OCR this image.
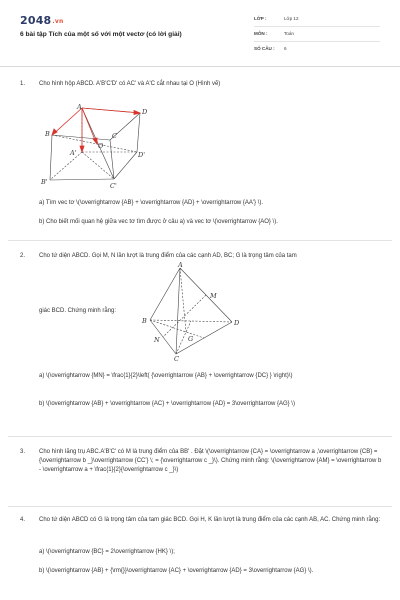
2048.vn
6 bài tập Tích của một số với một vectơ (có lời giải)
LỚP :	Lớp 12
MÔN :	Toán
SỐ CÂU : 6
1. Cho hình hộp ABCD. A'B'C'D' có AC' và A'C cắt nhau tại O (Hình vẽ)
A
D
B	C
A'
O
D'
B'	C'
a) Tìm vec tơ \(\overrightarrow {AB} + \overrightarrow {AD} + \overrightarrow {AA'} \).
b) Cho biết mối quan hệ giữa vec tơ tìm được ở câu a) và vec tơ \(\overrightarrow {AO} \).
2. Cho tứ diện ABCD. Gọi M, N lần lượt là trung điểm của các cạnh AD, BC; G là trọng tâm của tam
giác BCD. Chứng minh rằng:
A
M
B	D
G
N
C
a) \(\overrightarrow {MN} = \frac{1}{2}\left( {\overrightarrow {AB} + \overrightarrow {DC} } \right)\)
b) \(\overrightarrow {AB} + \overrightarrow {AC} + \overrightarrow {AD} = 3\overrightarrow {AG} \)
3. Cho hình lăng trụ ABC.A'B'C' có M là trung điểm của BB' . Đặt \(\overrightarrow {CA} = \overrightarrow a ,\overrightarrow {CB} = {\overrightarrow b _}\overrightarrow {CC'} \; = {\overrightarrow c _}\). Chứng minh rằng: \(\overrightarrow {AM} = \overrightarrow b - \overrightarrow a + \frac{1}{2}{\overrightarrow c _}\)
4. Cho tứ diện ABCD có G là trọng tâm của tam giác BCD. Gọi H, K lần lượt là trung điểm của các cạnh AB, AC. Chứng minh rằng:
a) \(\overrightarrow {BC} = 2\overrightarrow {HK} \);
b) \(\overrightarrow {AB} + {\rm{}}\overrightarrow {AC} + \overrightarrow {AD} = 3\overrightarrow {AG} \).
